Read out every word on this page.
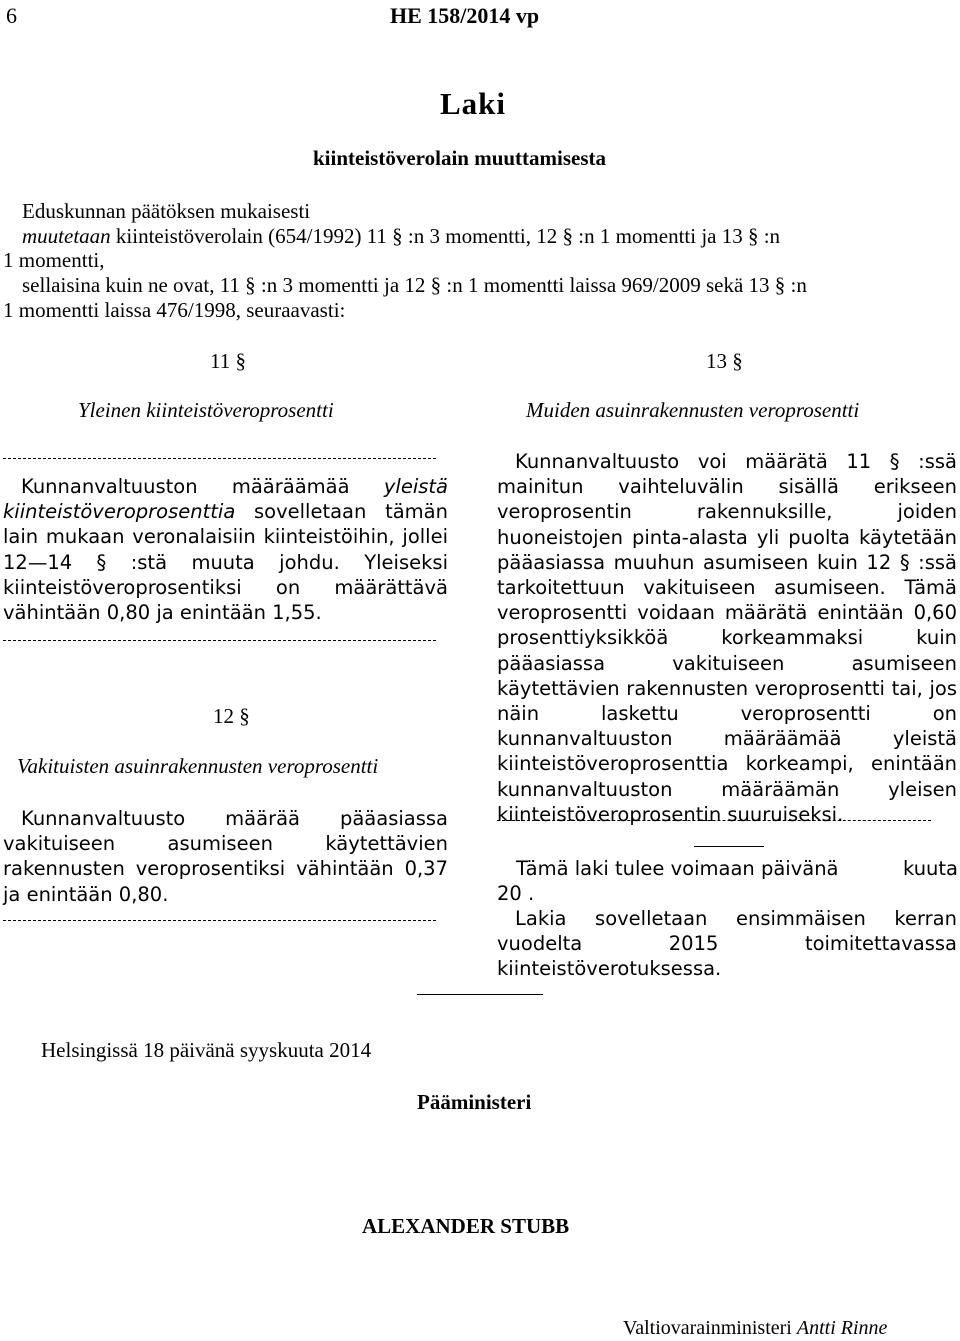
6	HE 158/2014 vp
Laki
kiinteistöverolain muuttamisesta
Eduskunnan päätöksen mukaisesti
muutetaan kiinteistöverolain (654/1992) 11 § :n 3 momentti, 12 § :n 1 momentti ja 13 § :n
1 momentti,
sellaisina kuin ne ovat, 11 § :n 3 momentti ja 12 § :n 1 momentti laissa 969/2009 sekä 13 § :n
1 momentti laissa 476/1998, seuraavasti:
11 §
Yleinen kiinteistöveroprosentti
Kunnanvaltuuston määräämää yleistä kiinteistöveroprosenttia sovelletaan tämän lain mukaan veronalaisiin kiinteistöihin, jollei 12—14 § :stä muuta johdu. Yleiseksi kiinteistöveroprosentiksi on määrättävä vähintään 0,80 ja enintään 1,55.
12 §
Vakituisten asuinrakennusten veroprosentti
Kunnanvaltuusto määrää pääasiassa vakituiseen asumiseen käytettävien rakennusten veroprosentiksi vähintään 0,37 ja enintään 0,80.
13 §
Muiden asuinrakennusten veroprosentti
Kunnanvaltuusto voi määrätä 11 § :ssä mainitun vaihteluvälin sisällä erikseen veroprosentin rakennuksille, joiden huoneistojen pinta-alasta yli puolta käytetään pääasiassa muuhun asumiseen kuin 12 § :ssä tarkoitettuun vakituiseen asumiseen. Tämä veroprosentti voidaan määrätä enintään 0,60 prosenttiyksikköä korkeammaksi kuin pääasiassa vakituiseen asumiseen käytettävien rakennusten veroprosentti tai, jos näin laskettu veroprosentti on kunnanvaltuuston määräämää yleistä kiinteistöveroprosenttia korkeampi, enintään kunnanvaltuuston määräämän yleisen kiinteistöveroprosentin suuruiseksi.
Tämä laki tulee voimaan päivänä	kuuta
20 .
Lakia sovelletaan ensimmäisen kerran vuodelta 2015 toimitettavassa kiinteistöverotuksessa.
Helsingissä 18 päivänä syyskuuta 2014
Pääministeri
ALEXANDER STUBB
Valtiovarainministeri Antti Rinne
